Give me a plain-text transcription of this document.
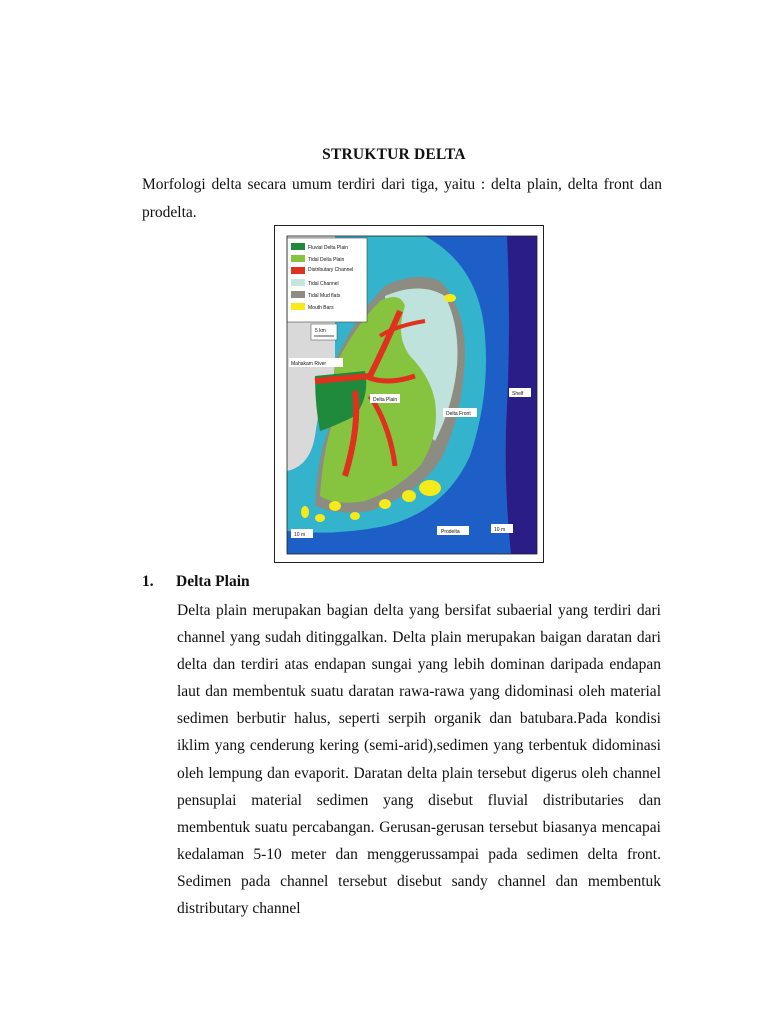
STRUKTUR DELTA
Morfologi delta secara umum terdiri dari tiga, yaitu : delta plain, delta front dan prodelta.
Fluvial Delta Plain
Tidal Delta Plain
Distributary Channel
Tidal Channel
Tidal Mud flats
Mouth Bars
5 km
Mahakam River
Delta Plain
Delta Front
Shelf
Prodelta
10 m
10 m
1. Delta Plain
Delta plain merupakan bagian delta yang bersifat subaerial yang terdiri dari channel yang sudah ditinggalkan. Delta plain merupakan baigan daratan dari delta dan terdiri atas endapan sungai yang lebih dominan daripada endapan laut dan membentuk suatu daratan rawa-rawa yang didominasi oleh material sedimen berbutir halus, seperti serpih organik dan batubara.Pada kondisi iklim yang cenderung kering (semi-arid),sedimen yang terbentuk didominasi oleh lempung dan evaporit. Daratan delta plain tersebut digerus oleh channel pensuplai material sedimen yang disebut fluvial distributaries dan membentuk suatu percabangan. Gerusan-gerusan tersebut biasanya mencapai kedalaman 5-10 meter dan menggerussampai pada sedimen delta front. Sedimen pada channel tersebut disebut sandy channel dan membentuk distributary channel
